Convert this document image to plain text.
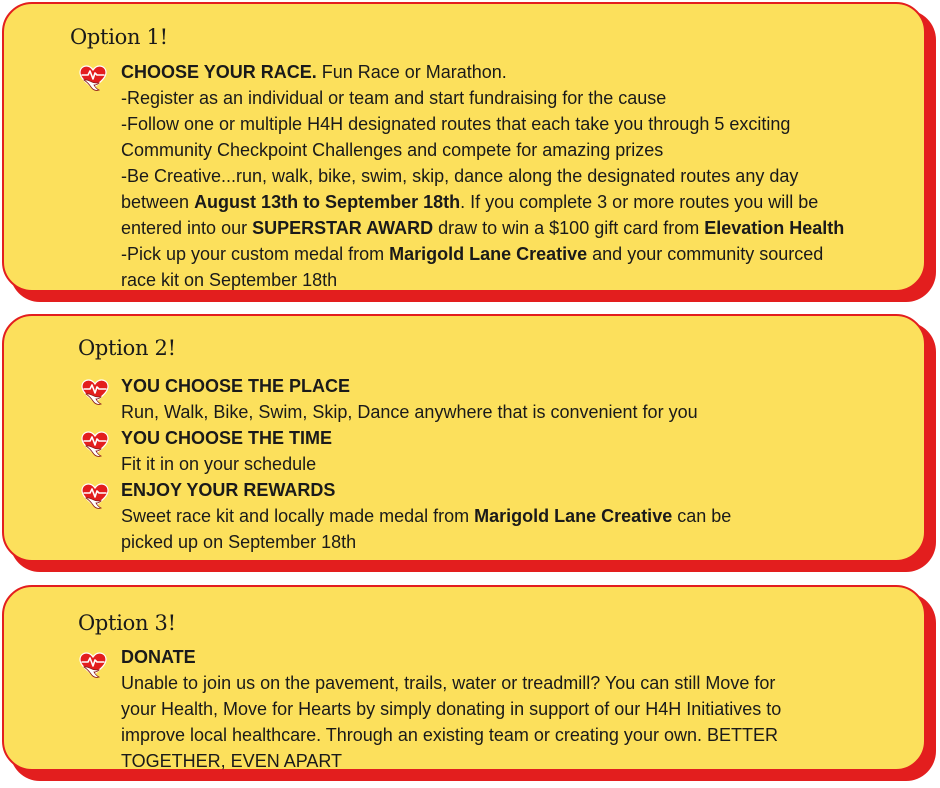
Option 1!
CHOOSE YOUR RACE. Fun Race or Marathon.
-Register as an individual or team and start fundraising for the cause
-Follow one or multiple H4H designated routes that each take you through 5 exciting
Community Checkpoint Challenges and compete for amazing prizes
-Be Creative...run, walk, bike, swim, skip, dance along the designated routes any day
between August 13th to September 18th. If you complete 3 or more routes you will be
entered into our SUPERSTAR AWARD draw to win a $100 gift card from Elevation Health
-Pick up your custom medal from Marigold Lane Creative and your community sourced
race kit on September 18th
Option 2!
YOU CHOOSE THE PLACE
Run, Walk, Bike, Swim, Skip, Dance anywhere that is convenient for you
YOU CHOOSE THE TIME
Fit it in on your schedule
ENJOY YOUR REWARDS
Sweet race kit and locally made medal from Marigold Lane Creative can be
picked up on September 18th
Option 3!
DONATE
Unable to join us on the pavement, trails, water or treadmill? You can still Move for
your Health, Move for Hearts by simply donating in support of our H4H Initiatives to
improve local healthcare. Through an existing team or creating your own. BETTER
TOGETHER, EVEN APART
